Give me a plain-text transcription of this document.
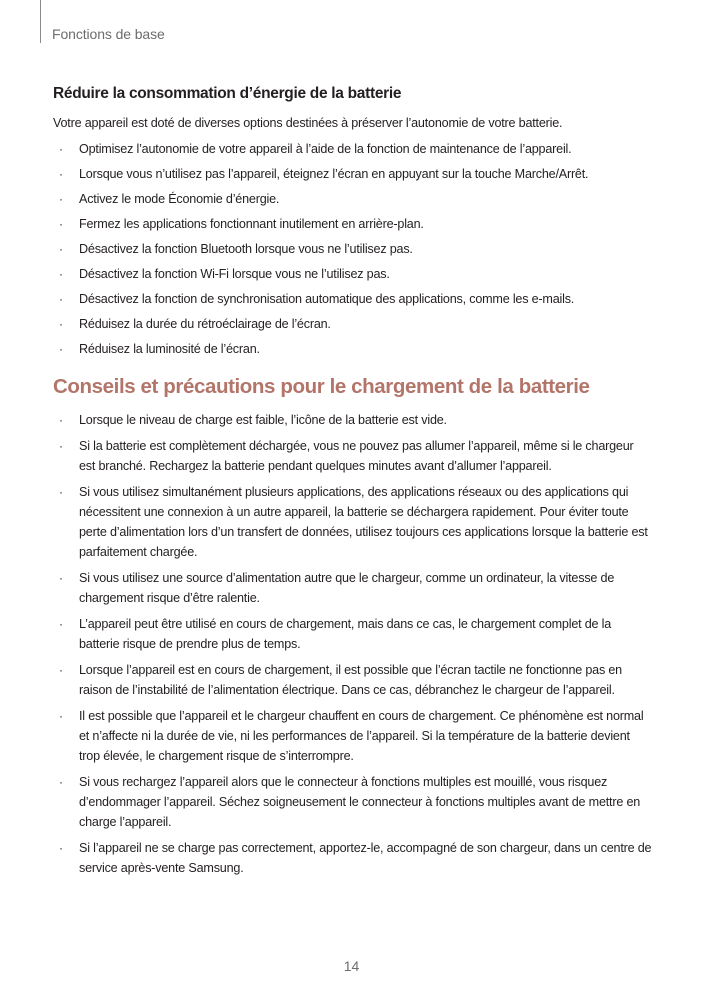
Fonctions de base
Réduire la consommation d’énergie de la batterie

Votre appareil est doté de diverses options destinées à préserver l’autonomie de votre batterie.

· Optimisez l’autonomie de votre appareil à l’aide de la fonction de maintenance de l’appareil.
· Lorsque vous n’utilisez pas l’appareil, éteignez l’écran en appuyant sur la touche Marche/Arrêt.
· Activez le mode Économie d’énergie.
· Fermez les applications fonctionnant inutilement en arrière-plan.
· Désactivez la fonction Bluetooth lorsque vous ne l’utilisez pas.
· Désactivez la fonction Wi-Fi lorsque vous ne l’utilisez pas.
· Désactivez la fonction de synchronisation automatique des applications, comme les e-mails.
· Réduisez la durée du rétroéclairage de l’écran.
· Réduisez la luminosité de l’écran.
Conseils et précautions pour le chargement de la batterie
· Lorsque le niveau de charge est faible, l’icône de la batterie est vide.
· Si la batterie est complètement déchargée, vous ne pouvez pas allumer l’appareil, même si le chargeur est branché. Rechargez la batterie pendant quelques minutes avant d’allumer l’appareil.
· Si vous utilisez simultanément plusieurs applications, des applications réseaux ou des applications qui nécessitent une connexion à un autre appareil, la batterie se déchargera rapidement. Pour éviter toute perte d’alimentation lors d’un transfert de données, utilisez toujours ces applications lorsque la batterie est parfaitement chargée.
· Si vous utilisez une source d’alimentation autre que le chargeur, comme un ordinateur, la vitesse de chargement risque d’être ralentie.
· L’appareil peut être utilisé en cours de chargement, mais dans ce cas, le chargement complet de la batterie risque de prendre plus de temps.
· Lorsque l’appareil est en cours de chargement, il est possible que l’écran tactile ne fonctionne pas en raison de l’instabilité de l’alimentation électrique. Dans ce cas, débranchez le chargeur de l’appareil.
· Il est possible que l’appareil et le chargeur chauffent en cours de chargement. Ce phénomène est normal et n’affecte ni la durée de vie, ni les performances de l’appareil. Si la température de la batterie devient trop élevée, le chargement risque de s’interrompre.
· Si vous rechargez l’appareil alors que le connecteur à fonctions multiples est mouillé, vous risquez d’endommager l’appareil. Séchez soigneusement le connecteur à fonctions multiples avant de mettre en charge l’appareil.
· Si l’appareil ne se charge pas correctement, apportez-le, accompagné de son chargeur, dans un centre de service après-vente Samsung.
14
